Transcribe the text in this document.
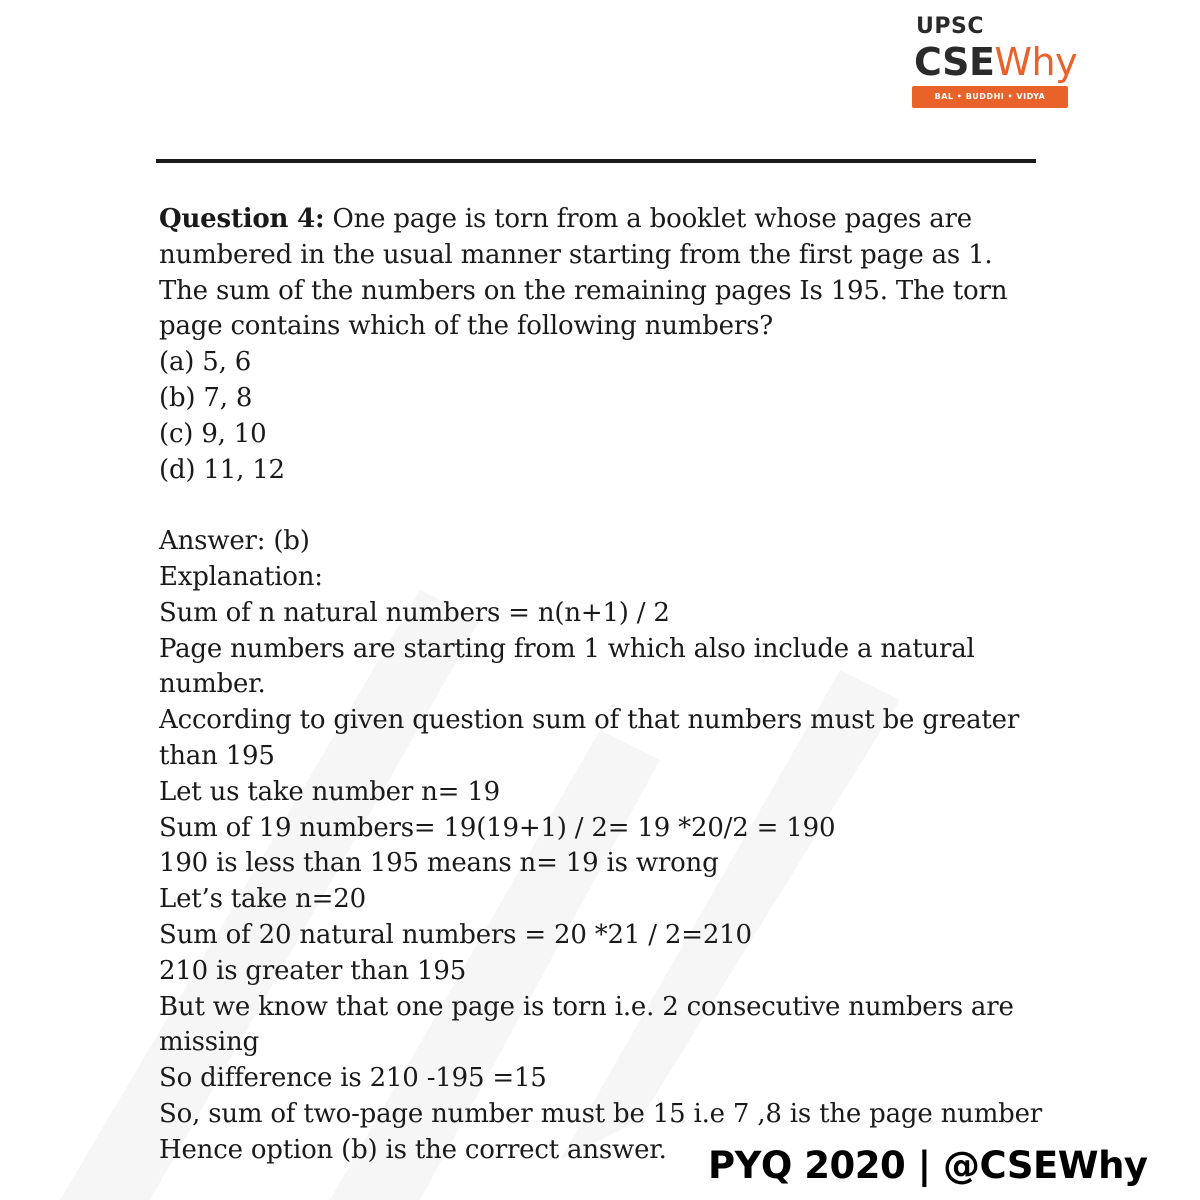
UPSC
CSEWhy
BAL • BUDDHI • VIDYA
Question 4: One page is torn from a booklet whose pages are
numbered in the usual manner starting from the first page as 1.
The sum of the numbers on the remaining pages Is 195. The torn
page contains which of the following numbers?
(a) 5, 6
(b) 7, 8
(c) 9, 10
(d) 11, 12
Answer: (b)
Explanation:
Sum of n natural numbers = n(n+1) / 2
Page numbers are starting from 1 which also include a natural
number.
According to given question sum of that numbers must be greater
than 195
Let us take number n= 19
Sum of 19 numbers= 19(19+1) / 2= 19 *20/2 = 190
190 is less than 195 means n= 19 is wrong
Let’s take n=20
Sum of 20 natural numbers = 20 *21 / 2=210
210 is greater than 195
But we know that one page is torn i.e. 2 consecutive numbers are
missing
So difference is 210 -195 =15
So, sum of two-page number must be 15 i.e 7 ,8 is the page number
Hence option (b) is the correct answer.	PYQ 2020 | @CSEWhy
